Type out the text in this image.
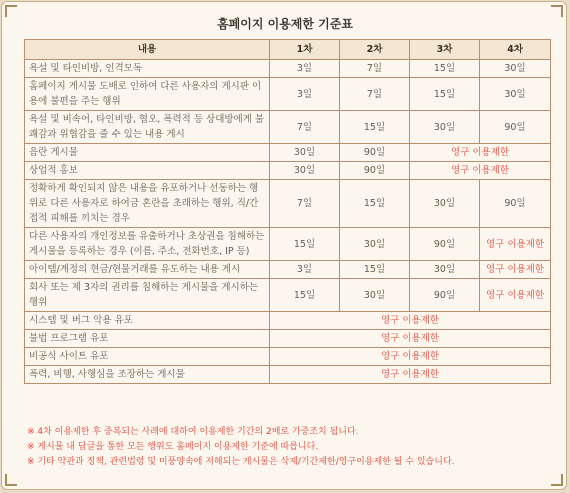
홈페이지 이용제한 기준표
내용	1차	2차	3차	4차
욕설 및 타인비방, 인격모독	3일	7일	15일	30일
홈페이지 게시물 도배로 인하여 다른 사용자의 게시판 이용에 불편을 주는 행위	3일	7일	15일	30일
욕설 및 비속어, 타인비방, 협오, 폭력적 등 상대방에게 불쾌감과 위협감을 줄 수 있는 내용 게시	7일	15일	30일	90일
음란 게시물	30일	90일	영구 이용제한	
상업적 홍보	30일	90일	영구 이용제한	
정확하게 확인되지 않은 내용을 유포하거나 선동하는 행위로 다른 사용자로 하여금 혼란을 초래하는 행위, 직/간접적 피해를 끼치는 경우	7일	15일	30일	90일
다른 사용자의 개인정보를 유출하거나 초상권을 침해하는 게시물을 등록하는 경우 (이름, 주소, 전화번호, IP 등)	15일	30일	90일	영구 이용제한
아이템/계정의 현금/현물거래를 유도하는 내용 게시	3일	15일	30일	영구 이용제한
회사 또는 제 3자의 권리를 침해하는 게시물을 게시하는 행위	15일	30일	90일	영구 이용제한
시스템 및 버그 악용 유포	영구 이용제한			
불법 프로그램 유포	영구 이용제한			
비공식 사이트 유포	영구 이용제한			
폭력, 비행, 사행심을 조장하는 게시물	영구 이용제한			
※ 4차 이용제한 후 중복되는 사례에 대하여 이용제한 기간의 2배로 가중조치 됩니다.
※ 게시물 내 답글을 통한 모든 행위도 홈페이지 이용제한 기준에 따릅니다.
※ 기타 약관과 정책, 관련법령 및 미풍양속에 저해되는 게시물은 삭제/기간제한/영구이용제한 될 수 있습니다.
